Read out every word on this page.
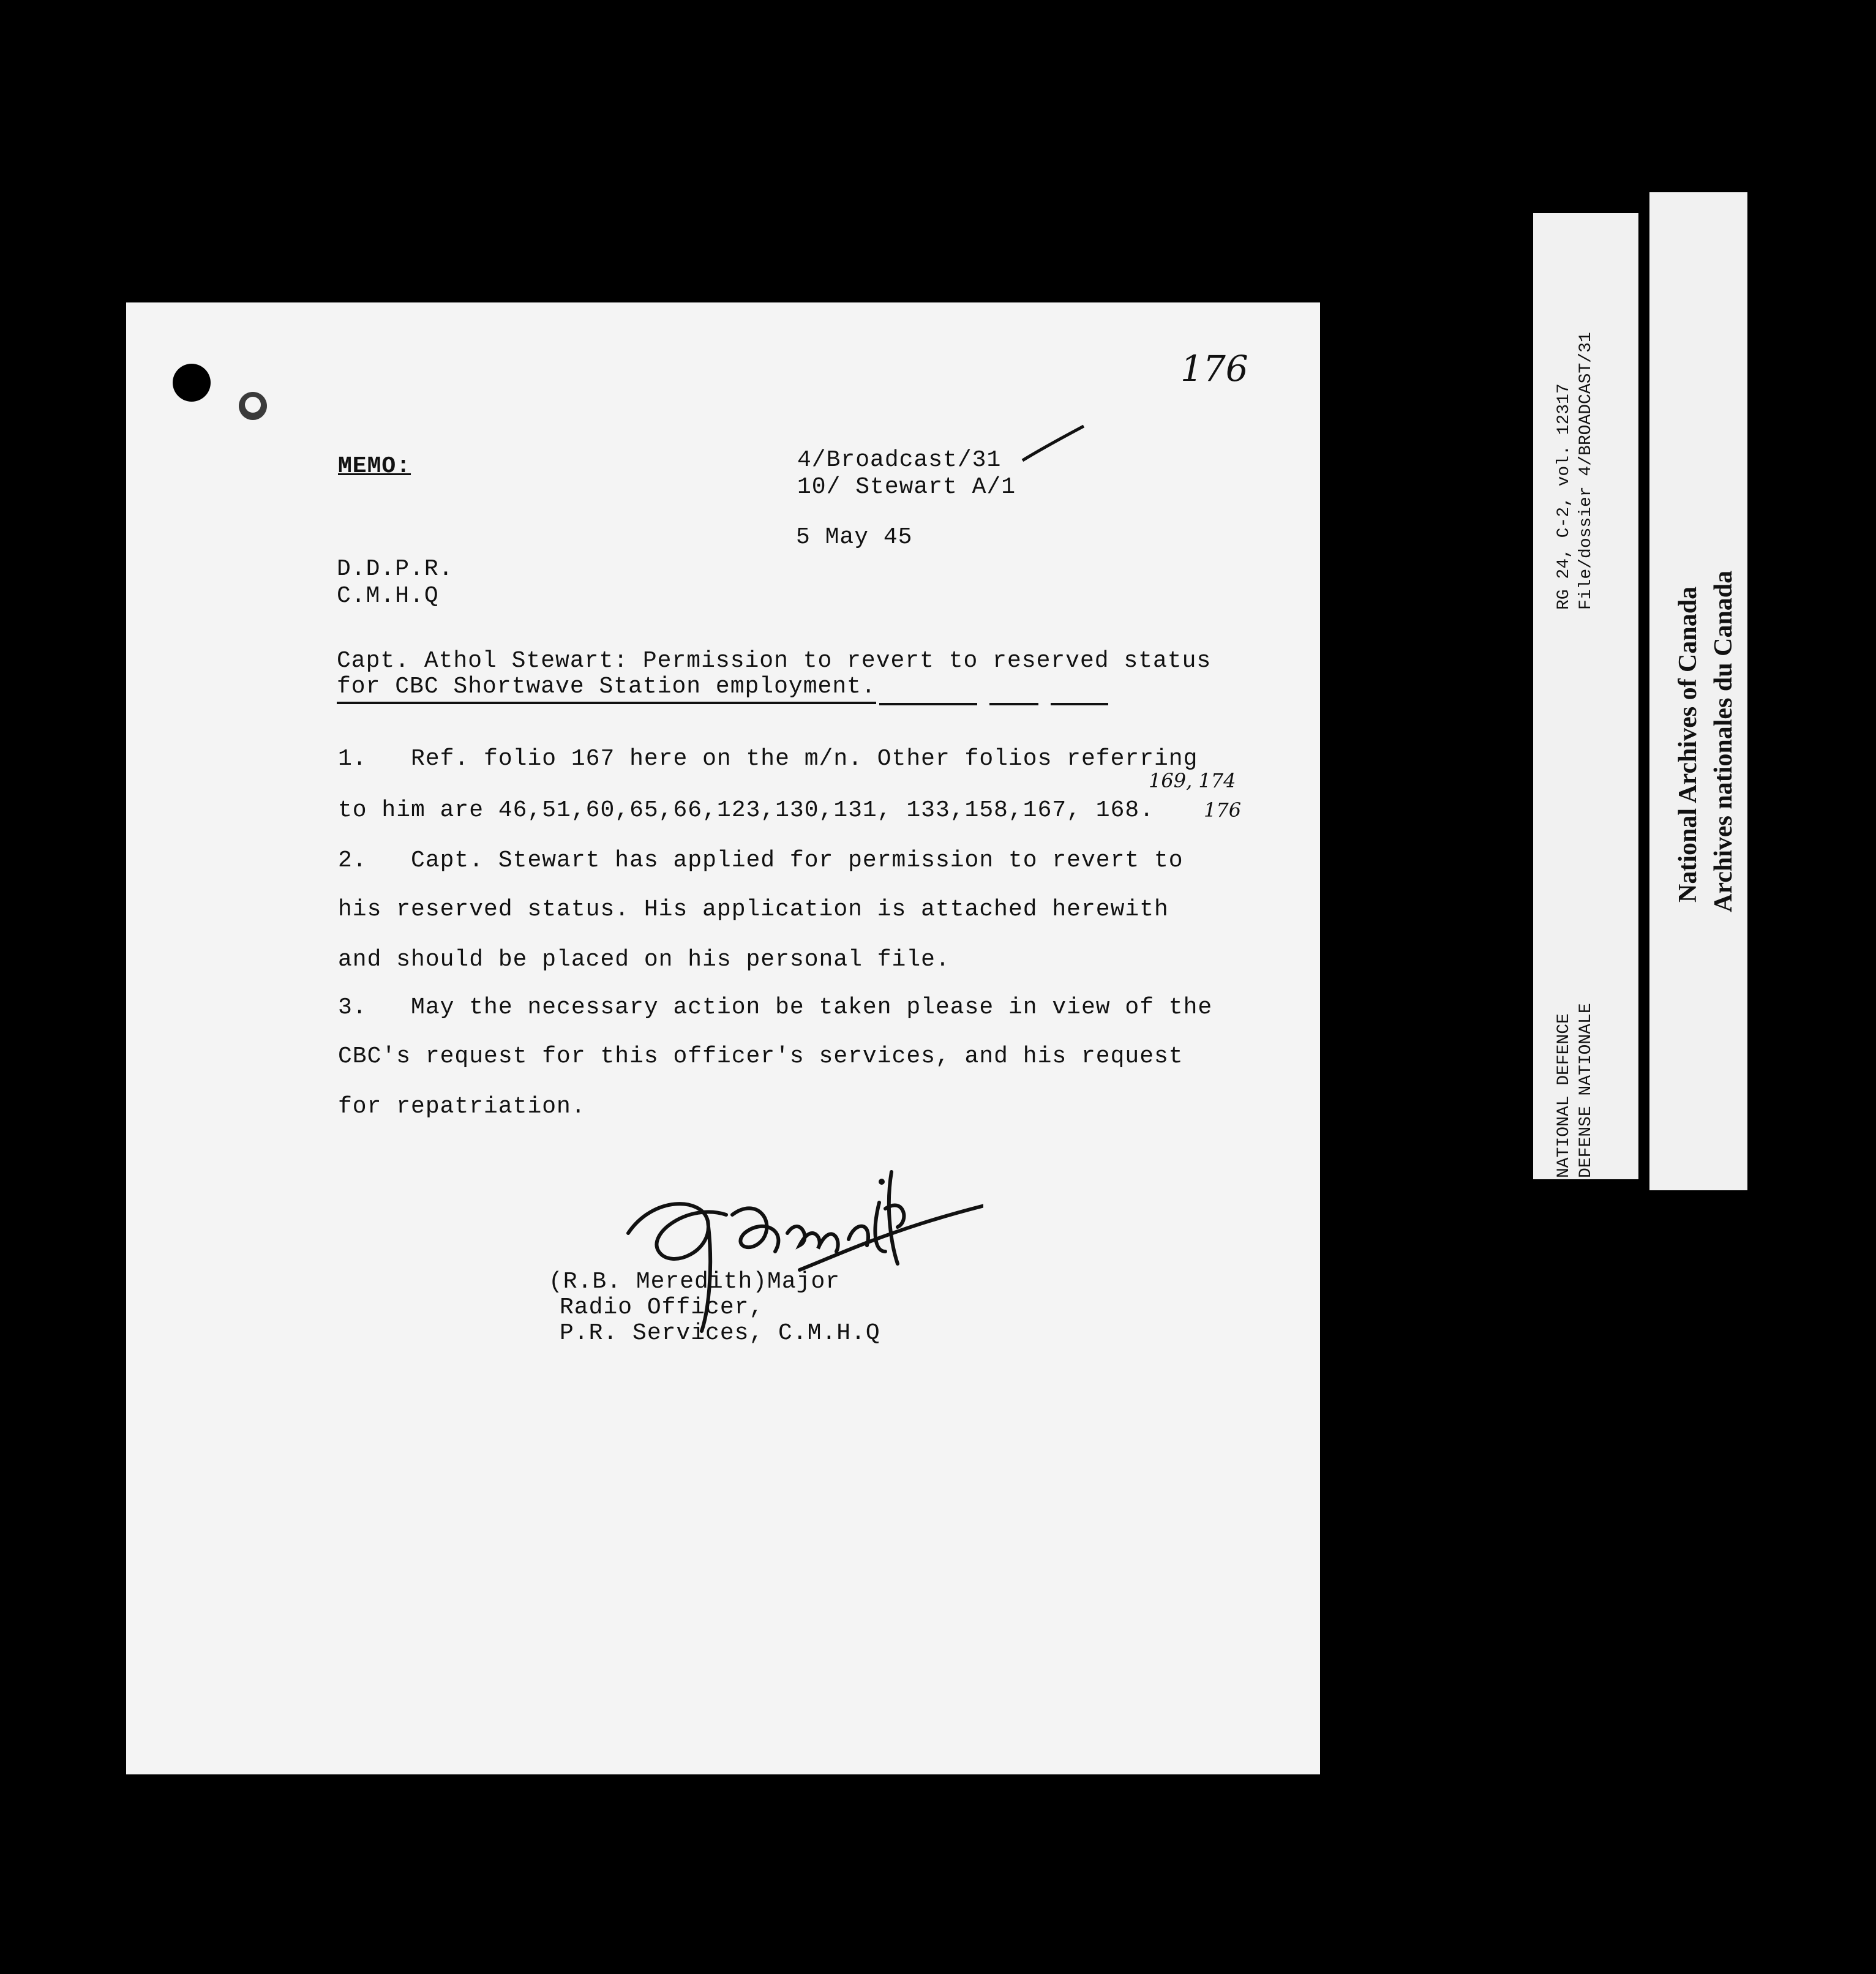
176
MEMO:	4/Broadcast/31
10/ Stewart A/1
5 May 45
D.D.P.R.
C.M.H.Q
Capt. Athol Stewart: Permission to revert to reserved status
for CBC Shortwave Station employment.
1.   Ref. folio 167 here on the m/n. Other folios referring
169, 174
to him are 46,51,60,65,66,123,130,131, 133,158,167, 168.	176
2.   Capt. Stewart has applied for permission to revert to
his reserved status. His application is attached herewith
and should be placed on his personal file.
3.   May the necessary action be taken please in view of the
CBC's request for this officer's services, and his request
for repatriation.
(R.B. Meredith)Major
Radio Officer,
P.R. Services, C.M.H.Q
RG 24, C-2, vol. 12317 File/dossier 4/BROADCAST/31
NATIONAL DEFENCE DEFENSE NATIONALE
National Archives of Canada Archives nationales du Canada
